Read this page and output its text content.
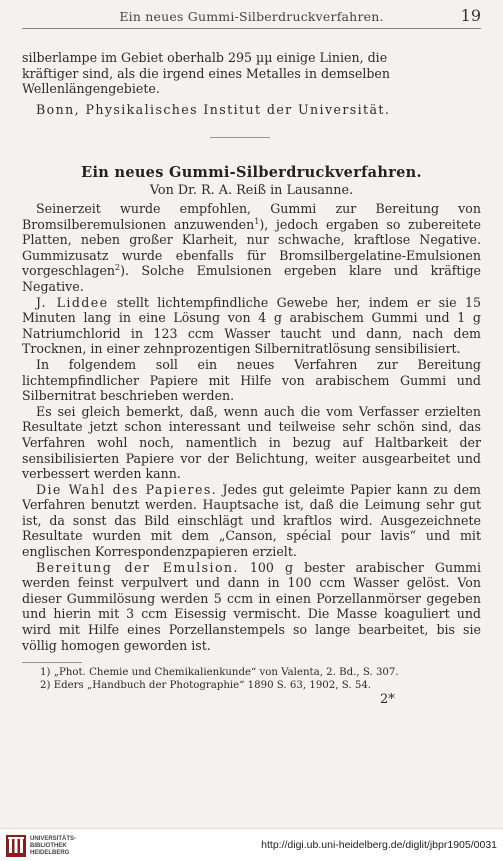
Ein neues Gummi-Silberdruckverfahren.	19

silberlampe im Gebiet oberhalb 295 µµ einige Linien, die

kräftiger sind, als die irgend eines Metalles in demselben

Wellenlängengebiete.

Bonn, Physikalisches Institut der Universität.

Ein neues Gummi-Silberdruckverfahren.
Von Dr. R. A. Reiß in Lausanne.

Seinerzeit wurde empfohlen, Gummi zur Bereitung von Bromsilberemulsionen anzuwenden$^1$), jedoch ergaben so zubereitete Platten, neben großer Klarheit, nur schwache, kraftlose Negative. Gummizusatz wurde ebenfalls für Bromsilbergelatine-Emulsionen vorgeschlagen$^2$). Solche Emulsionen ergeben klare und kräftige Negative.

J. Liddee stellt lichtempfindliche Gewebe her, indem er sie 15 Minuten lang in eine Lösung von 4 g arabischem Gummi und 1 g Natriumchlorid in 123 ccm Wasser taucht und dann, nach dem Trocknen, in einer zehnprozentigen Silbernitratlösung sensibilisiert.

In folgendem soll ein neues Verfahren zur Bereitung lichtempfindlicher Papiere mit Hilfe von arabischem Gummi und Silbernitrat beschrieben werden.

Es sei gleich bemerkt, daß, wenn auch die vom Verfasser erzielten Resultate jetzt schon interessant und teilweise sehr schön sind, das Verfahren wohl noch, namentlich in bezug auf Haltbarkeit der sensibilisierten Papiere vor der Belichtung, weiter ausgearbeitet und verbessert werden kann.

Die Wahl des Papieres. Jedes gut geleimte Papier kann zu dem Verfahren benutzt werden. Hauptsache ist, daß die Leimung sehr gut ist, da sonst das Bild einschlägt und kraftlos wird. Ausgezeichnete Resultate wurden mit dem „Canson, spécial pour lavis“ und mit englischen Korrespondenzpapieren erzielt.

Bereitung der Emulsion. 100 g bester arabischer Gummi werden feinst verpulvert und dann in 100 ccm Wasser gelöst. Von dieser Gummilösung werden 5 ccm in einen Porzellanmörser gegeben und hierin mit 3 ccm Eisessig vermischt. Die Masse koaguliert und wird mit Hilfe eines Porzellanstempels so lange bearbeitet, bis sie völlig homogen geworden ist.

1) „Phot. Chemie und Chemikalienkunde“ von Valenta, 2. Bd., S. 307.
2) Eders „Handbuch der Photographie“ 1890 S. 63, 1902, S. 54.
2*
UNIVERSITÄTS-
BIBLIOTHEK
HEIDELBERG
http://digi.ub.uni-heidelberg.de/diglit/jbpr1905/0031
